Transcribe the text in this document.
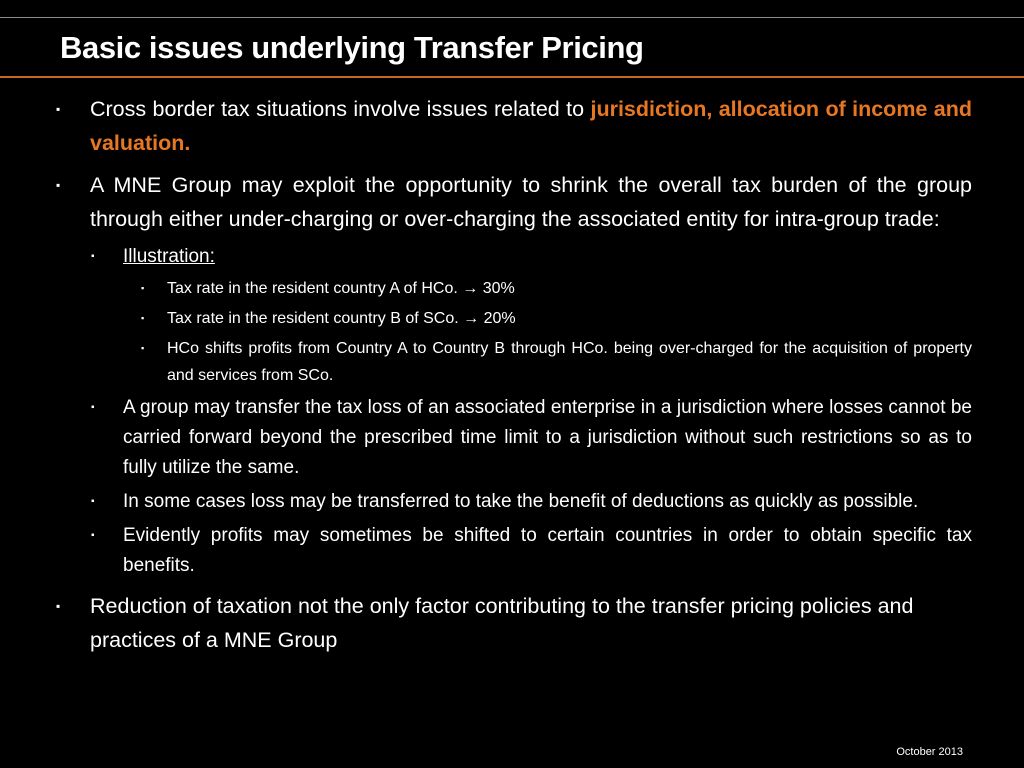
Basic issues underlying Transfer Pricing
▪ Cross border tax situations involve issues related to jurisdiction, allocation of income and valuation.
▪ A MNE Group may exploit the opportunity to shrink the overall tax burden of the group through either under-charging or over-charging the associated entity for intra-group trade:
▪ Illustration:
▪ Tax rate in the resident country A of HCo. → 30%
▪ Tax rate in the resident country B of SCo. → 20%
▪ HCo shifts profits from Country A to Country B through HCo. being over-charged for the acquisition of property and services from SCo.
▪ A group may transfer the tax loss of an associated enterprise in a jurisdiction where losses cannot be carried forward beyond the prescribed time limit to a jurisdiction without such restrictions so as to fully utilize the same.
▪ In some cases loss may be transferred to take the benefit of deductions as quickly as possible.
▪ Evidently profits may sometimes be shifted to certain countries in order to obtain specific tax benefits.
▪ Reduction of taxation not the only factor contributing to the transfer pricing policies and practices of a MNE Group
October 2013
